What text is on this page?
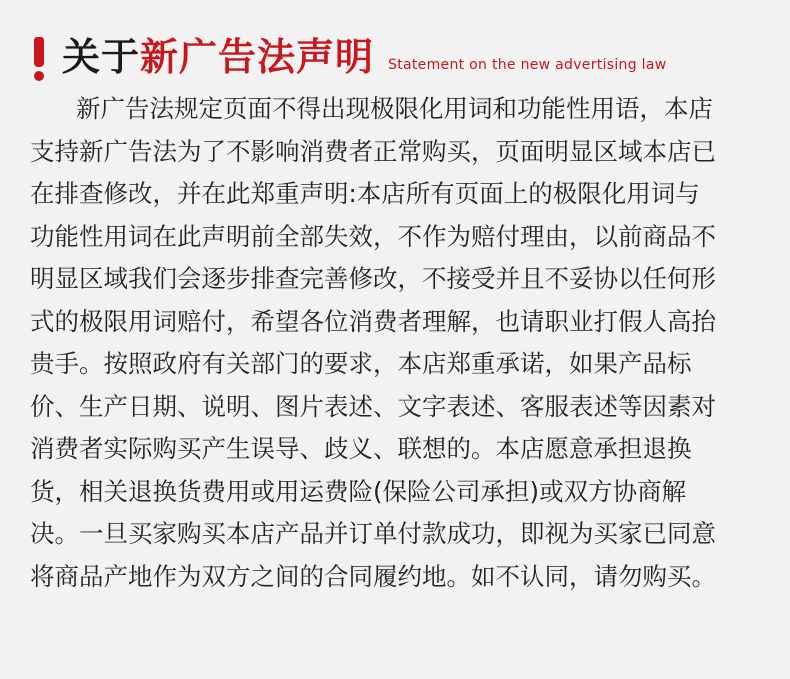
关于 新广告法声明 Statement on the new advertising law
新广告法规定页面不得出现极限化用词和功能性用语，本店
支持新广告法为了不影响消费者正常购买，页面明显区域本店已
在排查修改，并在此郑重声明:本店所有页面上的极限化用词与
功能性用词在此声明前全部失效，不作为赔付理由，以前商品不
明显区域我们会逐步排查完善修改，不接受并且不妥协以任何形
式的极限用词赔付，希望各位消费者理解，也请职业打假人高抬
贵手。按照政府有关部门的要求，本店郑重承诺，如果产品标
价、生产日期、说明、图片表述、文字表述、客服表述等因素对
消费者实际购买产生误导、歧义、联想的。本店愿意承担退换
货，相关退换货费用或用运费险(保险公司承担)或双方协商解
决。一旦买家购买本店产品并订单付款成功，即视为买家已同意
将商品产地作为双方之间的合同履约地。如不认同，请勿购买。
